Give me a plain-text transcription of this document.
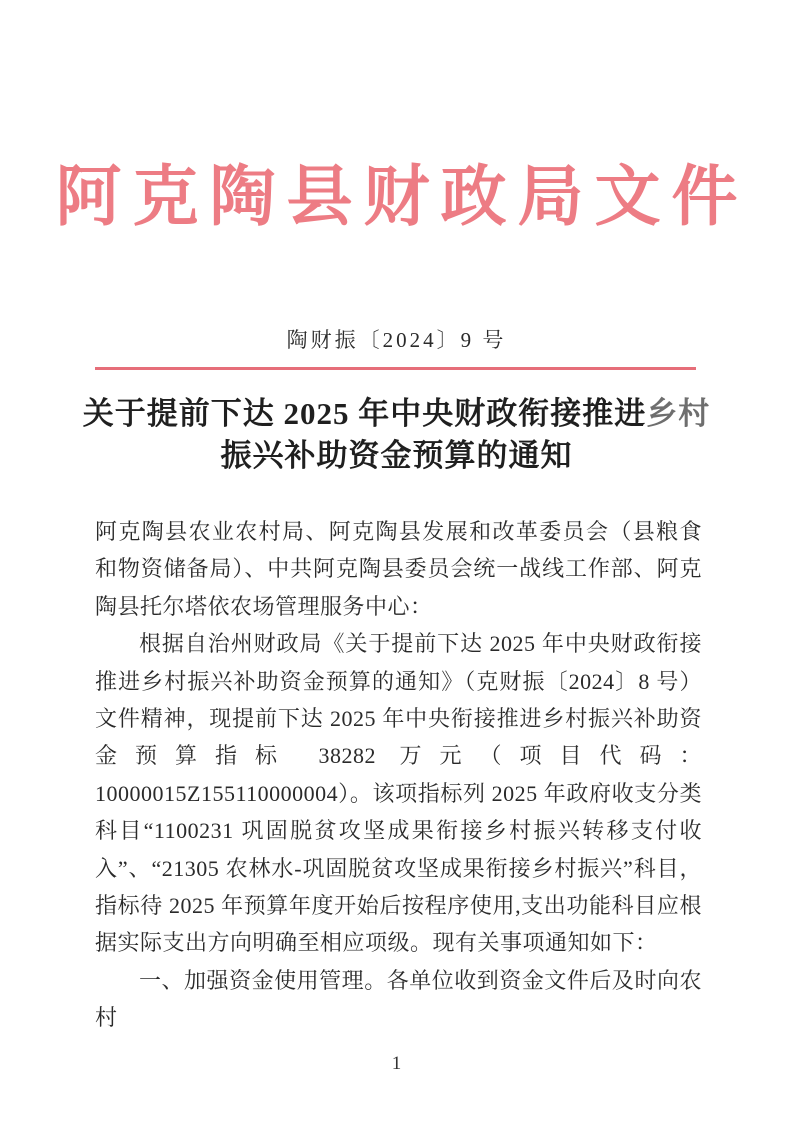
阿克陶县财政局文件
陶财振〔2024〕9 号
关于提前下达 2025 年中央财政衔接推进乡村
振兴补助资金预算的通知

阿克陶县农业农村局、阿克陶县发展和改革委员会（县粮食和物资储备局）、中共阿克陶县委员会统一战线工作部、阿克陶县托尔塔依农场管理服务中心：

根据自治州财政局《关于提前下达 2025 年中央财政衔接推进乡村振兴补助资金预算的通知》（克财振〔2024〕8 号）文件精神，现提前下达 2025 年中央衔接推进乡村振兴补助资金预算指标 38282 万元（项目代码：10000015Z155110000004）。该项指标列 2025 年政府收支分类科目“1100231 巩固脱贫攻坚成果衔接乡村振兴转移支付收入”、“21305 农林水-巩固脱贫攻坚成果衔接乡村振兴”科目，指标待 2025 年预算年度开始后按程序使用,支出功能科目应根据实际支出方向明确至相应项级。现有关事项通知如下：

一、加强资金使用管理。各单位收到资金文件后及时向农村

1
